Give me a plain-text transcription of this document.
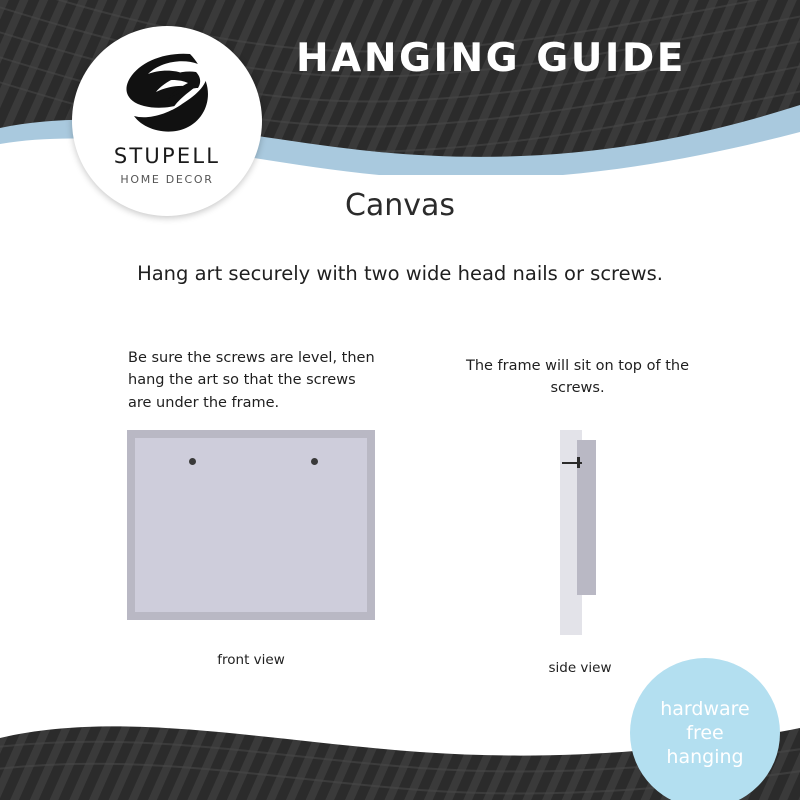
HANGING GUIDE
STUPELL
HOME DECOR
Canvas
Hang art securely with two wide head nails or screws.
Be sure the screws are level, then hang the art so that the screws are under the frame.
The frame will sit on top of the screws.
front view	side view
hardware
free
hanging
